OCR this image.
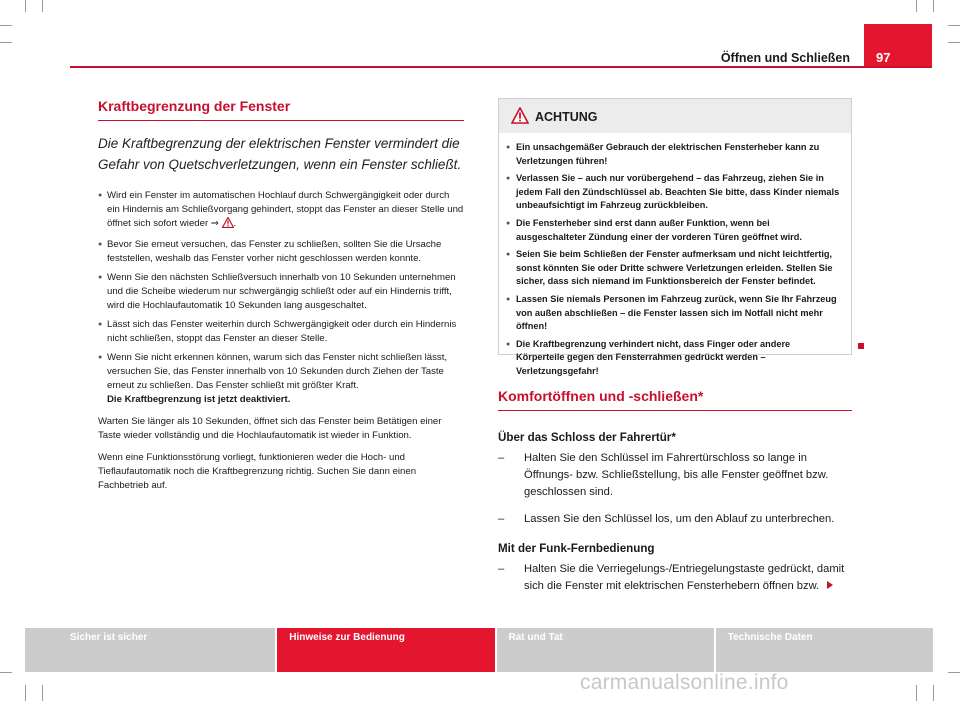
97
Öffnen und Schließen
Kraftbegrenzung der Fenster
Die Kraftbegrenzung der elektrischen Fenster vermindert die Gefahr von Quetschverletzungen, wenn ein Fenster schließt.
● Wird ein Fenster im automatischen Hochlauf durch Schwergängigkeit oder durch ein Hindernis am Schließvorgang gehindert, stoppt das Fenster an dieser Stelle und öffnet sich sofort wieder ⇒ .
● Bevor Sie erneut versuchen, das Fenster zu schließen, sollten Sie die Ursache feststellen, weshalb das Fenster vorher nicht geschlossen werden konnte.
● Wenn Sie den nächsten Schließversuch innerhalb von 10 Sekunden unternehmen und die Scheibe wiederum nur schwergängig schließt oder auf ein Hindernis trifft, wird die Hochlaufautomatik 10 Sekunden lang ausgeschaltet.
● Lässt sich das Fenster weiterhin durch Schwergängigkeit oder durch ein Hindernis nicht schließen, stoppt das Fenster an dieser Stelle.
● Wenn Sie nicht erkennen können, warum sich das Fenster nicht schließen lässt, versuchen Sie, das Fenster innerhalb von 10 Sekunden durch Ziehen der Taste erneut zu schließen. Das Fenster schließt mit größter Kraft.
Die Kraftbegrenzung ist jetzt deaktiviert.

Warten Sie länger als 10 Sekunden, öffnet sich das Fenster beim Betätigen einer Taste wieder vollständig und die Hochlaufautomatik ist wieder in Funktion.

Wenn eine Funktionsstörung vorliegt, funktionieren weder die Hoch- und Tieflaufautomatik noch die Kraftbegrenzung richtig. Suchen Sie dann einen Fachbetrieb auf.

ACHTUNG
● Ein unsachgemäßer Gebrauch der elektrischen Fensterheber kann zu Verletzungen führen!
● Verlassen Sie – auch nur vorübergehend – das Fahrzeug, ziehen Sie in jedem Fall den Zündschlüssel ab. Beachten Sie bitte, dass Kinder niemals unbeaufsichtigt im Fahrzeug zurückbleiben.
● Die Fensterheber sind erst dann außer Funktion, wenn bei ausgeschalteter Zündung einer der vorderen Türen geöffnet wird.
● Seien Sie beim Schließen der Fenster aufmerksam und nicht leichtfertig, sonst könnten Sie oder Dritte schwere Verletzungen erleiden. Stellen Sie sicher, dass sich niemand im Funktionsbereich der Fenster befindet.
● Lassen Sie niemals Personen im Fahrzeug zurück, wenn Sie Ihr Fahrzeug von außen abschließen – die Fenster lassen sich im Notfall nicht mehr öffnen!
● Die Kraftbegrenzung verhindert nicht, dass Finger oder andere Körperteile gegen den Fensterrahmen gedrückt werden – Verletzungsgefahr!
Komfortöffnen und -schließen*
Über das Schloss der Fahrertür*
– Halten Sie den Schlüssel im Fahrertürschloss so lange in Öffnungs- bzw. Schließstellung, bis alle Fenster geöffnet bzw. geschlossen sind.
– Lassen Sie den Schlüssel los, um den Ablauf zu unterbrechen.
Mit der Funk-Fernbedienung
– Halten Sie die Verriegelungs-/Entriegelungstaste gedrückt, damit sich die Fenster mit elektrischen Fensterhebern öffnen bzw.
Sicher ist sicher	Hinweise zur Bedienung	Rat und Tat	Technische Daten
carmanualsonline.info
